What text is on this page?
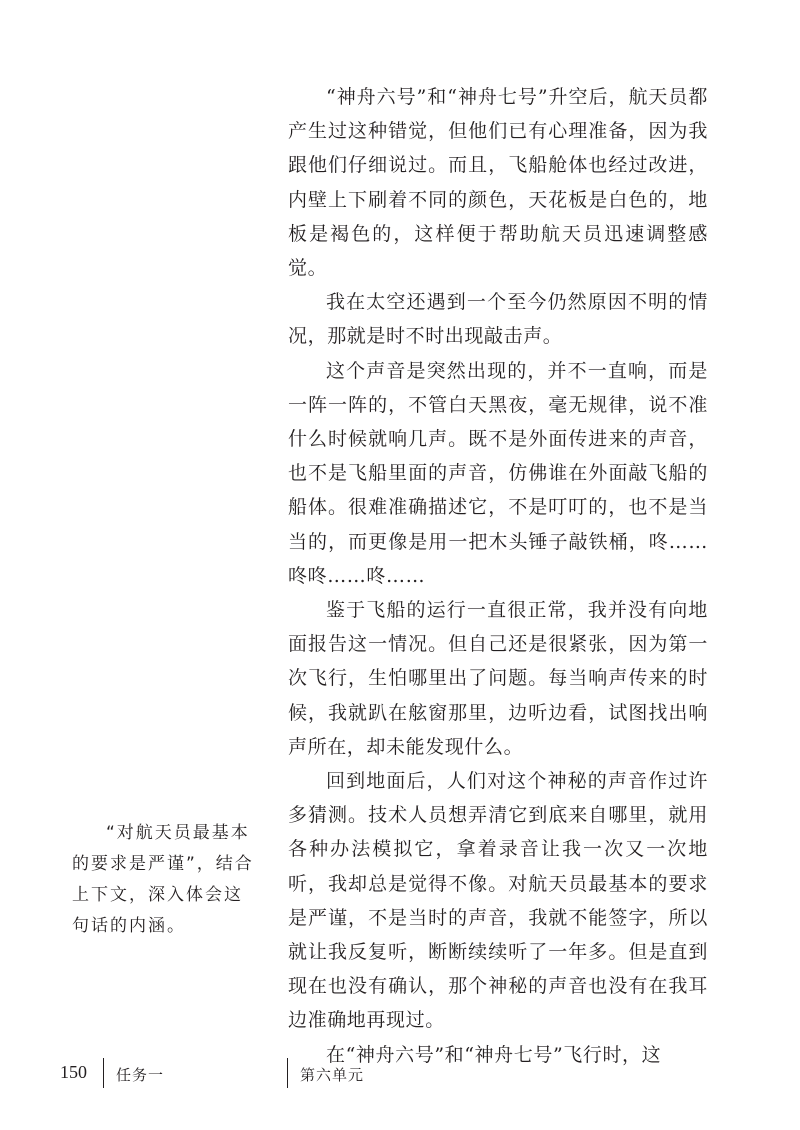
“神舟六号”和“神舟七号”升空后，航天员都产生过这种错觉，但他们已有心理准备，因为我跟他们仔细说过。而且，飞船舱体也经过改进，内壁上下刷着不同的颜色，天花板是白色的，地板是褐色的，这样便于帮助航天员迅速调整感觉。

我在太空还遇到一个至今仍然原因不明的情况，那就是时不时出现敲击声。

这个声音是突然出现的，并不一直响，而是一阵一阵的，不管白天黑夜，毫无规律，说不准什么时候就响几声。既不是外面传进来的声音，也不是飞船里面的声音，仿佛谁在外面敲飞船的船体。很难准确描述它，不是叮叮的，也不是当当的，而更像是用一把木头锤子敲铁桶，咚……咚咚……咚……

鉴于飞船的运行一直很正常，我并没有向地面报告这一情况。但自己还是很紧张，因为第一次飞行，生怕哪里出了问题。每当响声传来的时候，我就趴在舷窗那里，边听边看，试图找出响声所在，却未能发现什么。

回到地面后，人们对这个神秘的声音作过许多猜测。技术人员想弄清它到底来自哪里，就用各种办法模拟它，拿着录音让我一次又一次地听，我却总是觉得不像。对航天员最基本的要求是严谨，不是当时的声音，我就不能签字，所以就让我反复听，断断续续听了一年多。但是直到现在也没有确认，那个神秘的声音也没有在我耳边准确地再现过。

在“神舟六号”和“神舟七号”飞行时，这

“对航天员最基本的要求是严谨”，结合上下文，深入体会这句话的内涵。
150 任务一	第六单元
